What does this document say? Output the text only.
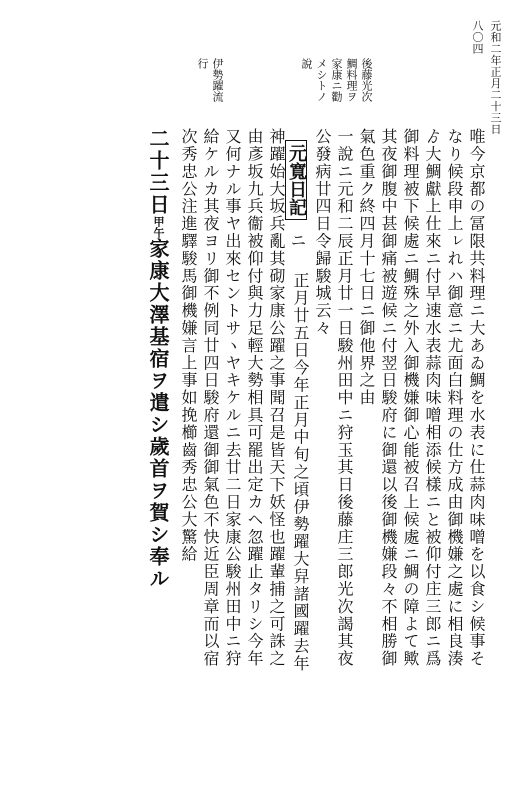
元和二年正月二十三日
八〇四
唯今京都の冨限共料理ニ大あゐ鯛を水表に仕蒜肉味噌を以食シ候事そ
なり候段申上ㇾれハ御意ニ尤面白料理の仕方成由御機嫌之處に相良湊
ゟ大鯛獻上仕來ニ付早速水表蒜肉味噌相添候樣ニと被仰付庄三郎ニ爲
御料理被下候處ニ鯛殊之外入御機嫌御心能被召上候處ニ鯛の障よて歟
其夜御腹中甚御痛被遊候ニ付翌日駿府に御還以後御機嫌段々不相勝御
氣色重ク終四月十七日ニ御他界之由
一說ニ元和二辰正月廿一日駿州田中ニ狩玉其日後藤庄三郎光次謁其夜
後藤光次
鯛料理ヲ
家康ニ勸
メシトノ
說
公發病廿四日令歸駿城云々
元寬日記
ニ
伊勢躍流
行
正月廿五日今年正月中旬之頃伊勢躍大舁諸國躍去年
神躍始大坂兵亂其砌家康公躍之事聞召是皆天下妖怪也躍輩捕之可誅之
由彥坂九兵衞被仰付與力足輕大勢相具可罷出定カヘ忽躍止タリシ今年
又何ナル事ヤ出來セントサヽヤキケルニ去廿二日家康公駿州田中ニ狩
給ケルカ其夜ヨリ御不例同廿四日駿府還御御氣色不快近臣周章而以宿
次秀忠公注進驛駿馬御機嫌言上事如挽櫛齒秀忠公大驚給
二十三日甲午家康大澤基宿ヲ遣シ歲首ヲ賀シ奉ル
